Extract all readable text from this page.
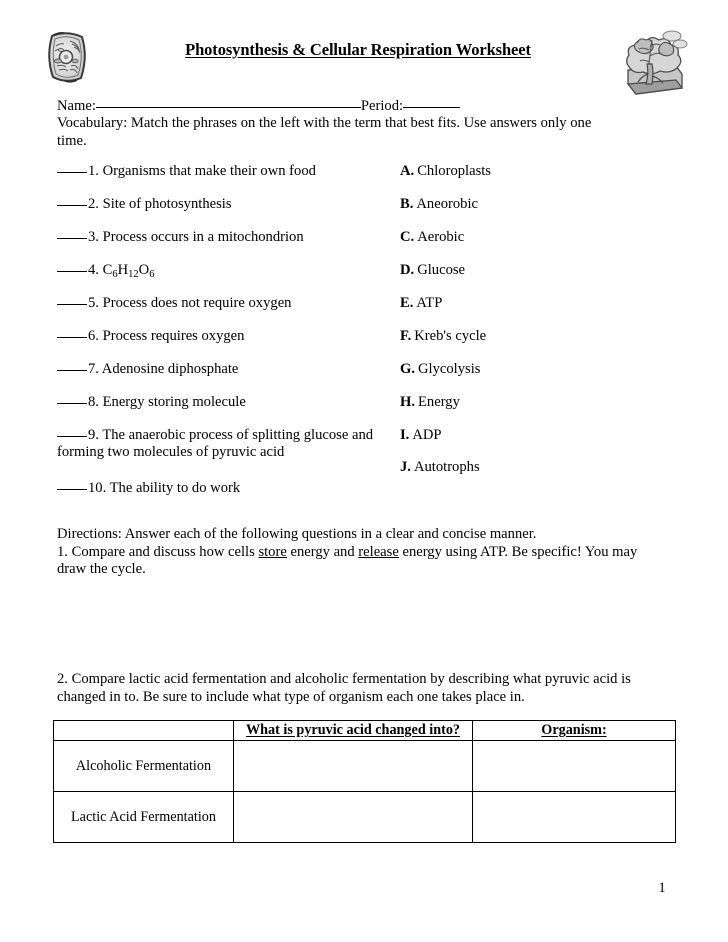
Photosynthesis & Cellular Respiration Worksheet
Name:	Period:
Vocabulary: Match the phrases on the left with the term that best fits. Use answers only one time.
1. Organisms that make their own food
2. Site of photosynthesis
3. Process occurs in a mitochondrion
4. $C_6H_{12}O_6$
5. Process does not require oxygen
6. Process requires oxygen
7. Adenosine diphosphate
8. Energy storing molecule
9. The anaerobic process of splitting glucose and forming two molecules of pyruvic acid
10. The ability to do work
A. Chloroplasts
B. Aneorobic
C. Aerobic
D. Glucose
E. ATP
F. Kreb's cycle
G. Glycolysis
H. Energy
I. ADP
J. Autotrophs
Directions: Answer each of the following questions in a clear and concise manner.

1. Compare and discuss how cells store energy and release energy using ATP. Be specific! You may draw the cycle.
2. Compare lactic acid fermentation and alcoholic fermentation by describing what pyruvic acid is changed in to. Be sure to include what type of organism each one takes place in.
	What is pyruvic acid changed into?	Organism:
Alcoholic Fermentation		
Lactic Acid Fermentation		
1
